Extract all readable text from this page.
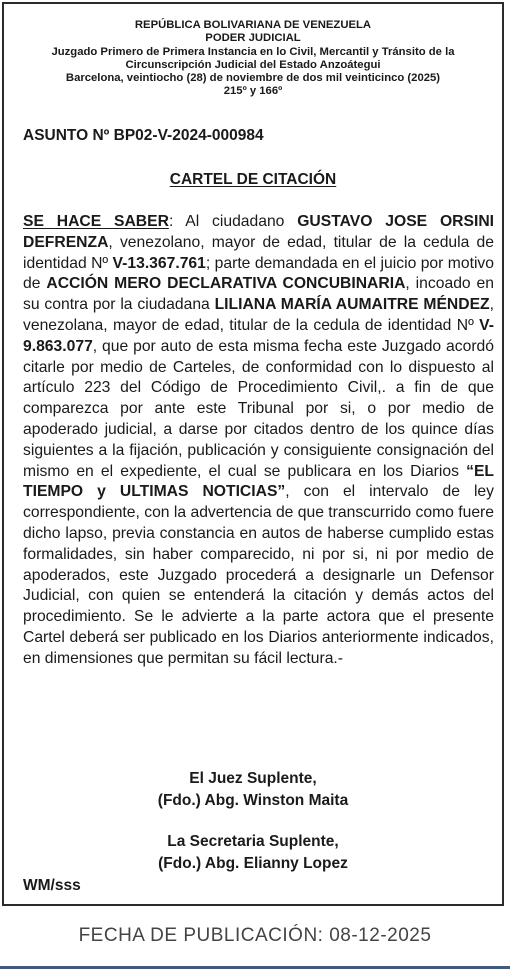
REPÚBLICA BOLIVARIANA DE VENEZUELA
PODER JUDICIAL
Juzgado Primero de Primera Instancia en lo Civil, Mercantil y Tránsito de la
Circunscripción Judicial del Estado Anzoátegui
Barcelona, veintiocho (28) de noviembre de dos mil veinticinco (2025)
215º y 166º
ASUNTO Nº BP02-V-2024-000984
CARTEL DE CITACIÓN
SE HACE SABER: Al ciudadano GUSTAVO JOSE ORSINI DEFRENZA, venezolano, mayor de edad, titular de la cedula de identidad Nº V-13.367.761; parte demandada en el juicio por motivo de ACCIÓN MERO DECLARATIVA CONCUBINARIA, incoado en su contra por la ciudadana LILIANA MARÍA AUMAITRE MÉNDEZ, venezolana, mayor de edad, titular de la cedula de identidad Nº V-9.863.077, que por auto de esta misma fecha este Juzgado acordó citarle por medio de Carteles, de conformidad con lo dispuesto al artículo 223 del Código de Procedimiento Civil,. a fin de que comparezca por ante este Tribunal por si, o por medio de apoderado judicial, a darse por citados dentro de los quince días siguientes a la fijación, publicación y consiguiente consignación del mismo en el expediente, el cual se publicara en los Diarios “EL TIEMPO y ULTIMAS NOTICIAS”, con el intervalo de ley correspondiente, con la advertencia de que transcurrido como fuere dicho lapso, previa constancia en autos de haberse cumplido estas formalidades, sin haber comparecido, ni por si, ni por medio de apoderados, este Juzgado procederá a designarle un Defensor Judicial, con quien se entenderá la citación y demás actos del procedimiento. Se le advierte a la parte actora que el presente Cartel deberá ser publicado en los Diarios anteriormente indicados, en dimensiones que permitan su fácil lectura.-
El Juez Suplente,
(Fdo.) Abg. Winston Maita
La Secretaria Suplente,
(Fdo.) Abg. Elianny Lopez
WM/sss
FECHA DE PUBLICACIÓN: 08-12-2025
